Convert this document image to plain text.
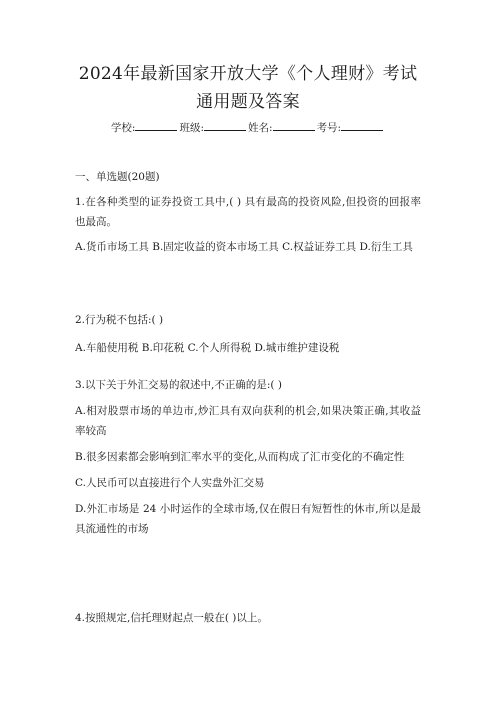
2024年最新国家开放大学《个人理财》考试
通用题及答案
学校:	班级:	姓名:	考号:
一、单选题(20题)

1.在各种类型的证券投资工具中,( ) 具有最高的投资风险,但投资的回报率也最高。

A.货币市场工具 B.固定收益的资本市场工具 C.权益证券工具 D.衍生工具

2.行为税不包括:( )

A.车船使用税 B.印花税 C.个人所得税 D.城市维护建设税

3.以下关于外汇交易的叙述中,不正确的是:( )

A.相对股票市场的单边市,炒汇具有双向获利的机会,如果决策正确,其收益率较高

B.很多因素都会影响到汇率水平的变化,从而构成了汇市变化的不确定性

C.人民币可以直接进行个人实盘外汇交易

D.外汇市场是 24 小时运作的全球市场,仅在假日有短暂性的休市,所以是最具流通性的市场

4.按照规定,信托理财起点一般在( )以上。
